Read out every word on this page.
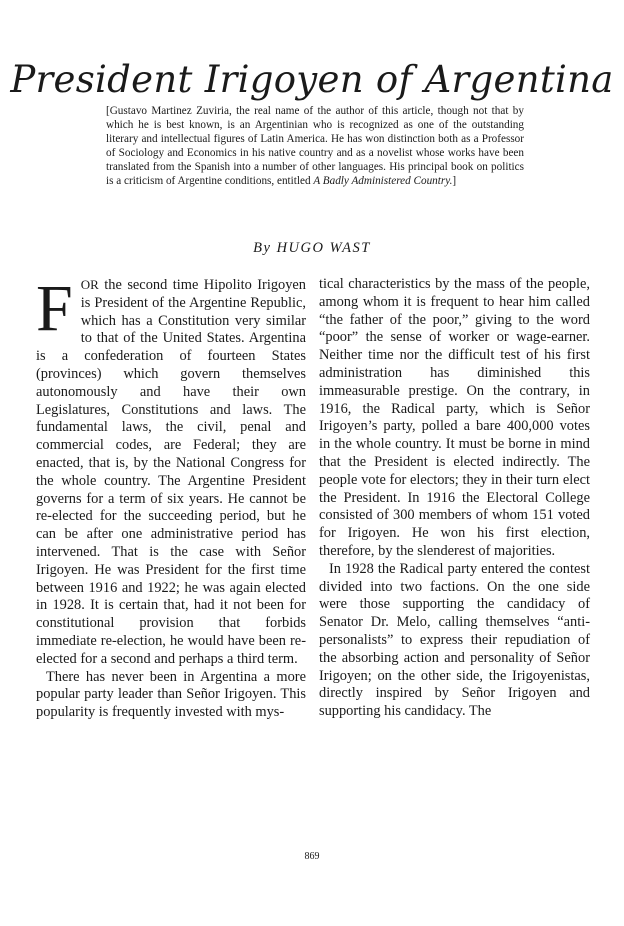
President Irigoyen of Argentina

[Gustavo Martinez Zuviria, the real name of the author of this article, though not that by which he is best known, is an Argentinian who is recognized as one of the outstanding literary and intellectual figures of Latin America. He has won distinction both as a Professor of Sociology and Economics in his native country and as a novelist whose works have been translated from the Spanish into a number of other languages. His principal book on politics is a criticism of Argentine conditions, entitled A Badly Administered Country.]

By HUGO WAST

FOR the second time Hipolito Irigoyen is President of the Argentine Republic, which has a Constitution very similar to that of the United States. Argentina is a confederation of fourteen States (provinces) which govern themselves autonomously and have their own Legislatures, Constitutions and laws. The fundamental laws, the civil, penal and commercial codes, are Federal; they are enacted, that is, by the National Congress for the whole country. The Argentine President governs for a term of six years. He cannot be re-elected for the succeeding period, but he can be after one administrative period has intervened. That is the case with Señor Irigoyen. He was President for the first time between 1916 and 1922; he was again elected in 1928. It is certain that, had it not been for constitutional provision that forbids immediate re-election, he would have been re-elected for a second and perhaps a third term.

There has never been in Argentina a more popular party leader than Señor Irigoyen. This popularity is frequently invested with mys-

tical characteristics by the mass of the people, among whom it is frequent to hear him called “the father of the poor,” giving to the word “poor” the sense of worker or wage-earner. Neither time nor the difficult test of his first administration has diminished this immeasurable prestige. On the contrary, in 1916, the Radical party, which is Señor Irigoyen’s party, polled a bare 400,000 votes in the whole country. It must be borne in mind that the President is elected indirectly. The people vote for electors; they in their turn elect the President. In 1916 the Electoral College consisted of 300 members of whom 151 voted for Irigoyen. He won his first election, therefore, by the slenderest of majorities.

In 1928 the Radical party entered the contest divided into two factions. On the one side were those supporting the candidacy of Senator Dr. Melo, calling themselves “anti-personalists” to express their repudiation of the absorbing action and personality of Señor Irigoyen; on the other side, the Irigoyenistas, directly inspired by Señor Irigoyen and supporting his candidacy. The

869
